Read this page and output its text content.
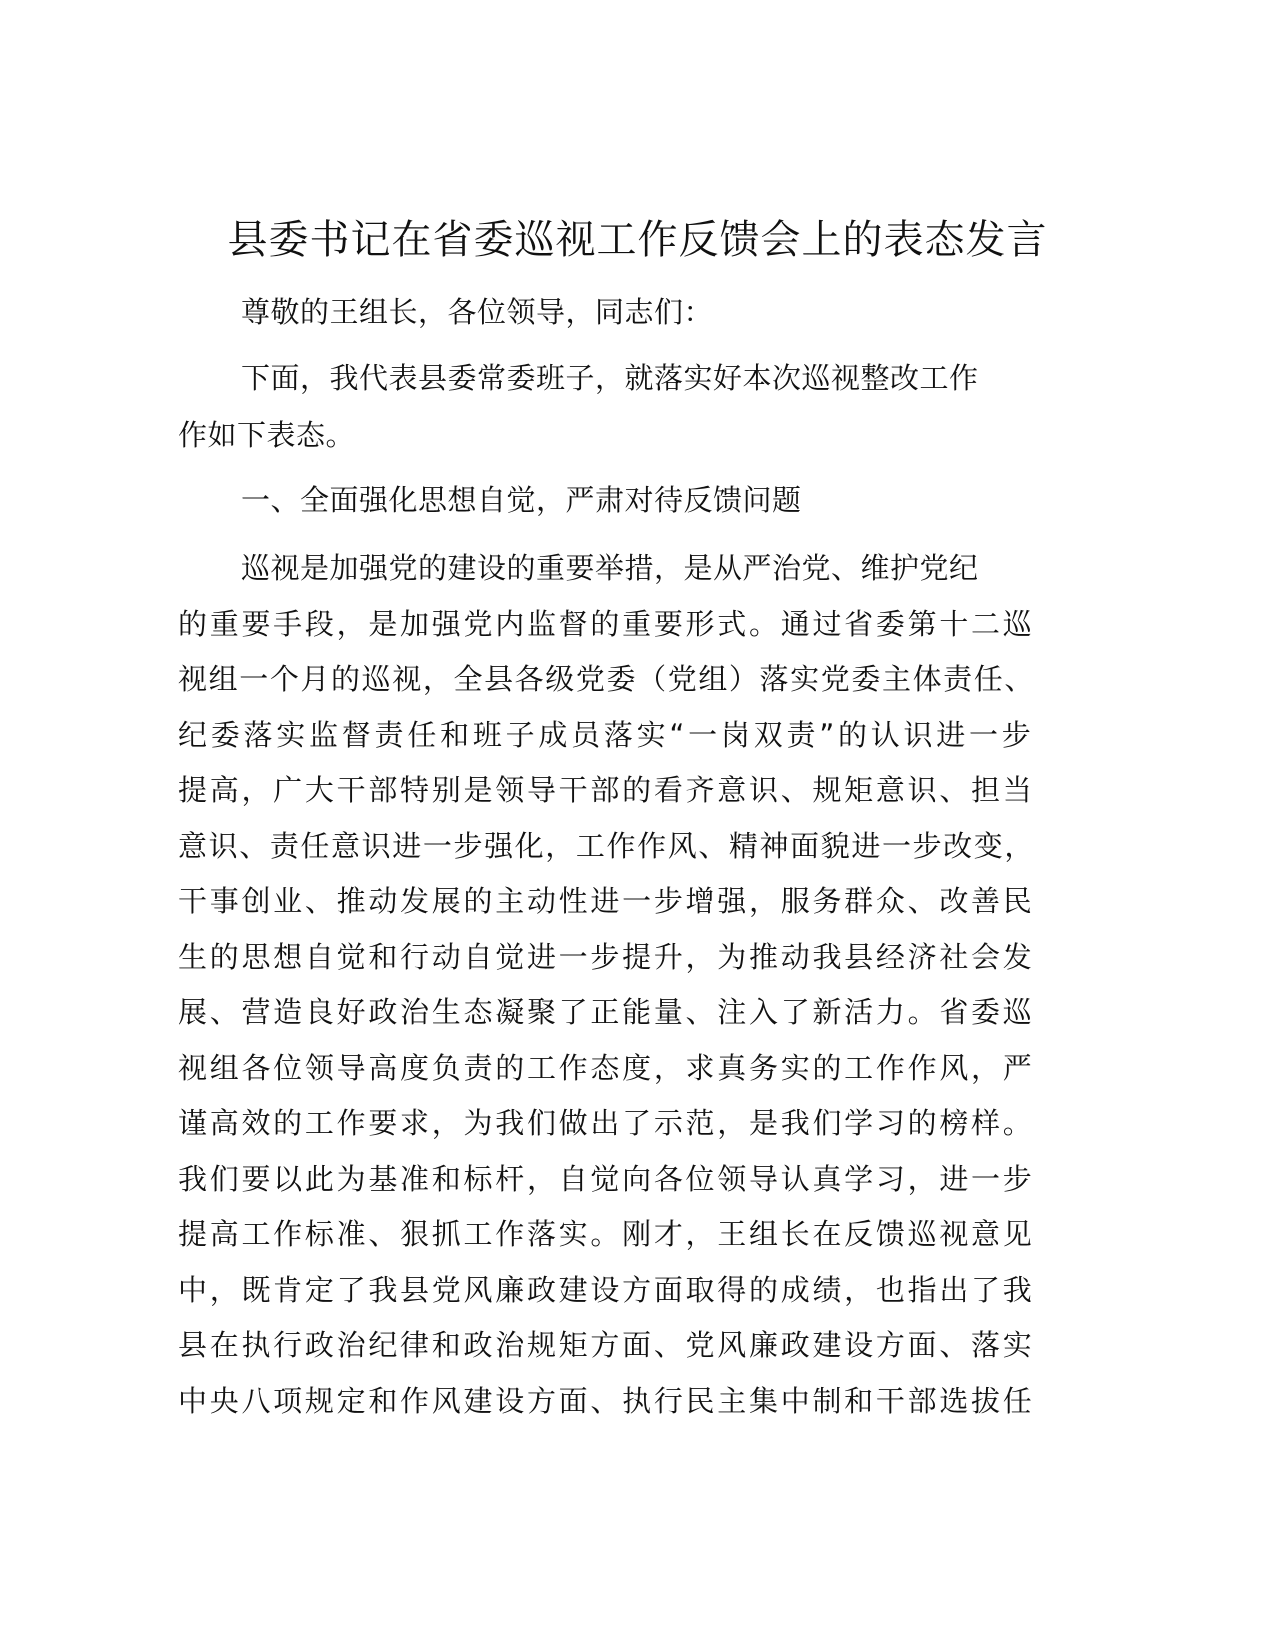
县委书记在省委巡视工作反馈会上的表态发言
尊敬的王组长，各位领导，同志们：
下面，我代表县委常委班子，就落实好本次巡视整改工作
作如下表态。
一、全面强化思想自觉，严肃对待反馈问题
巡视是加强党的建设的重要举措，是从严治党、维护党纪
的重要手段，是加强党内监督的重要形式。通过省委第十二巡
视组一个月的巡视，全县各级党委（党组）落实党委主体责任、
纪委落实监督责任和班子成员落实“一岗双责”的认识进一步
提高，广大干部特别是领导干部的看齐意识、规矩意识、担当
意识、责任意识进一步强化，工作作风、精神面貌进一步改变，
干事创业、推动发展的主动性进一步增强，服务群众、改善民
生的思想自觉和行动自觉进一步提升，为推动我县经济社会发
展、营造良好政治生态凝聚了正能量、注入了新活力。省委巡
视组各位领导高度负责的工作态度，求真务实的工作作风，严
谨高效的工作要求，为我们做出了示范，是我们学习的榜样。
我们要以此为基准和标杆，自觉向各位领导认真学习，进一步
提高工作标准、狠抓工作落实。刚才，王组长在反馈巡视意见
中，既肯定了我县党风廉政建设方面取得的成绩，也指出了我
县在执行政治纪律和政治规矩方面、党风廉政建设方面、落实
中央八项规定和作风建设方面、执行民主集中制和干部选拔任
